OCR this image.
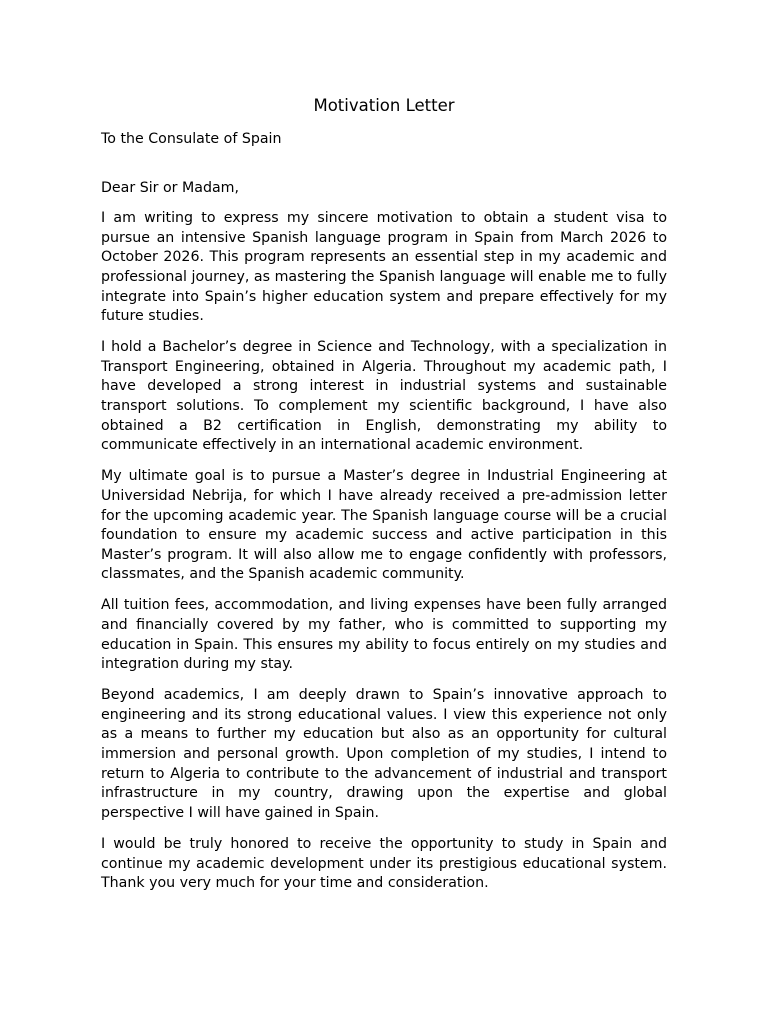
Motivation Letter

To the Consulate of Spain

Dear Sir or Madam,

I am writing to express my sincere motivation to obtain a student visa to pursue an intensive Spanish language program in Spain from March 2026 to October 2026. This program represents an essential step in my academic and professional journey, as mastering the Spanish language will enable me to fully integrate into Spain’s higher education system and prepare effectively for my future studies.

I hold a Bachelor’s degree in Science and Technology, with a specialization in Transport Engineering, obtained in Algeria. Throughout my academic path, I have developed a strong interest in industrial systems and sustainable transport solutions. To complement my scientific background, I have also obtained a B2 certification in English, demonstrating my ability to communicate effectively in an international academic environment.

My ultimate goal is to pursue a Master’s degree in Industrial Engineering at Universidad Nebrija, for which I have already received a pre-admission letter for the upcoming academic year. The Spanish language course will be a crucial foundation to ensure my academic success and active participation in this Master’s program. It will also allow me to engage confidently with professors, classmates, and the Spanish academic community.

All tuition fees, accommodation, and living expenses have been fully arranged and financially covered by my father, who is committed to supporting my education in Spain. This ensures my ability to focus entirely on my studies and integration during my stay.

Beyond academics, I am deeply drawn to Spain’s innovative approach to engineering and its strong educational values. I view this experience not only as a means to further my education but also as an opportunity for cultural immersion and personal growth. Upon completion of my studies, I intend to return to Algeria to contribute to the advancement of industrial and transport infrastructure in my country, drawing upon the expertise and global perspective I will have gained in Spain.

I would be truly honored to receive the opportunity to study in Spain and continue my academic development under its prestigious educational system. Thank you very much for your time and consideration.
